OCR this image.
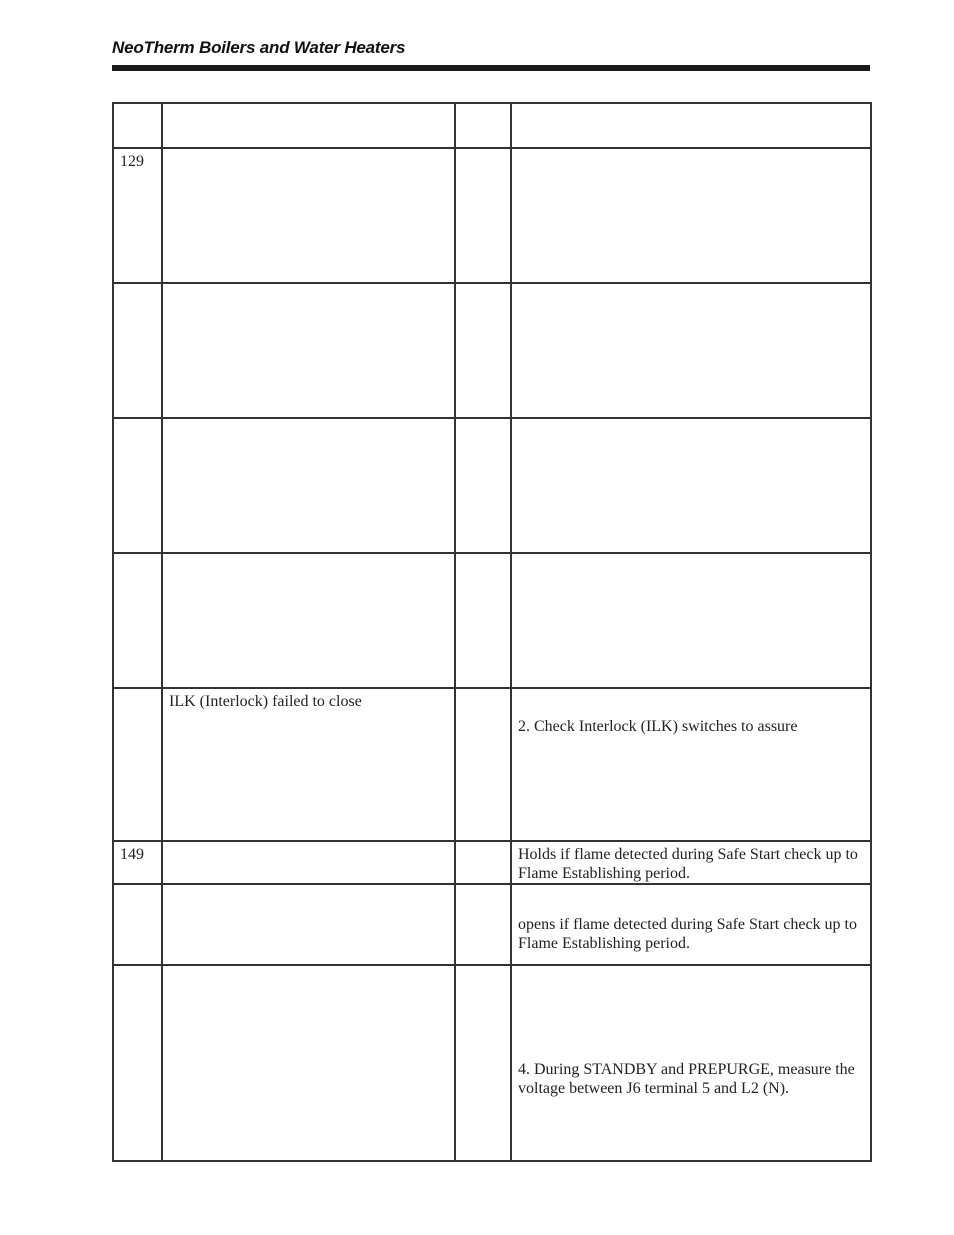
NeoTherm Boilers and Water Heaters

129			

	ILK (Interlock) failed to close		2. Check Interlock (ILK) switches to assure
149			Holds if flame detected during Safe Start check up to Flame Establishing period.
			opens if flame detected during Safe Start check up to Flame Establishing period.
			4. During STANDBY and PREPURGE, measure the voltage between J6 terminal 5 and L2 (N).
